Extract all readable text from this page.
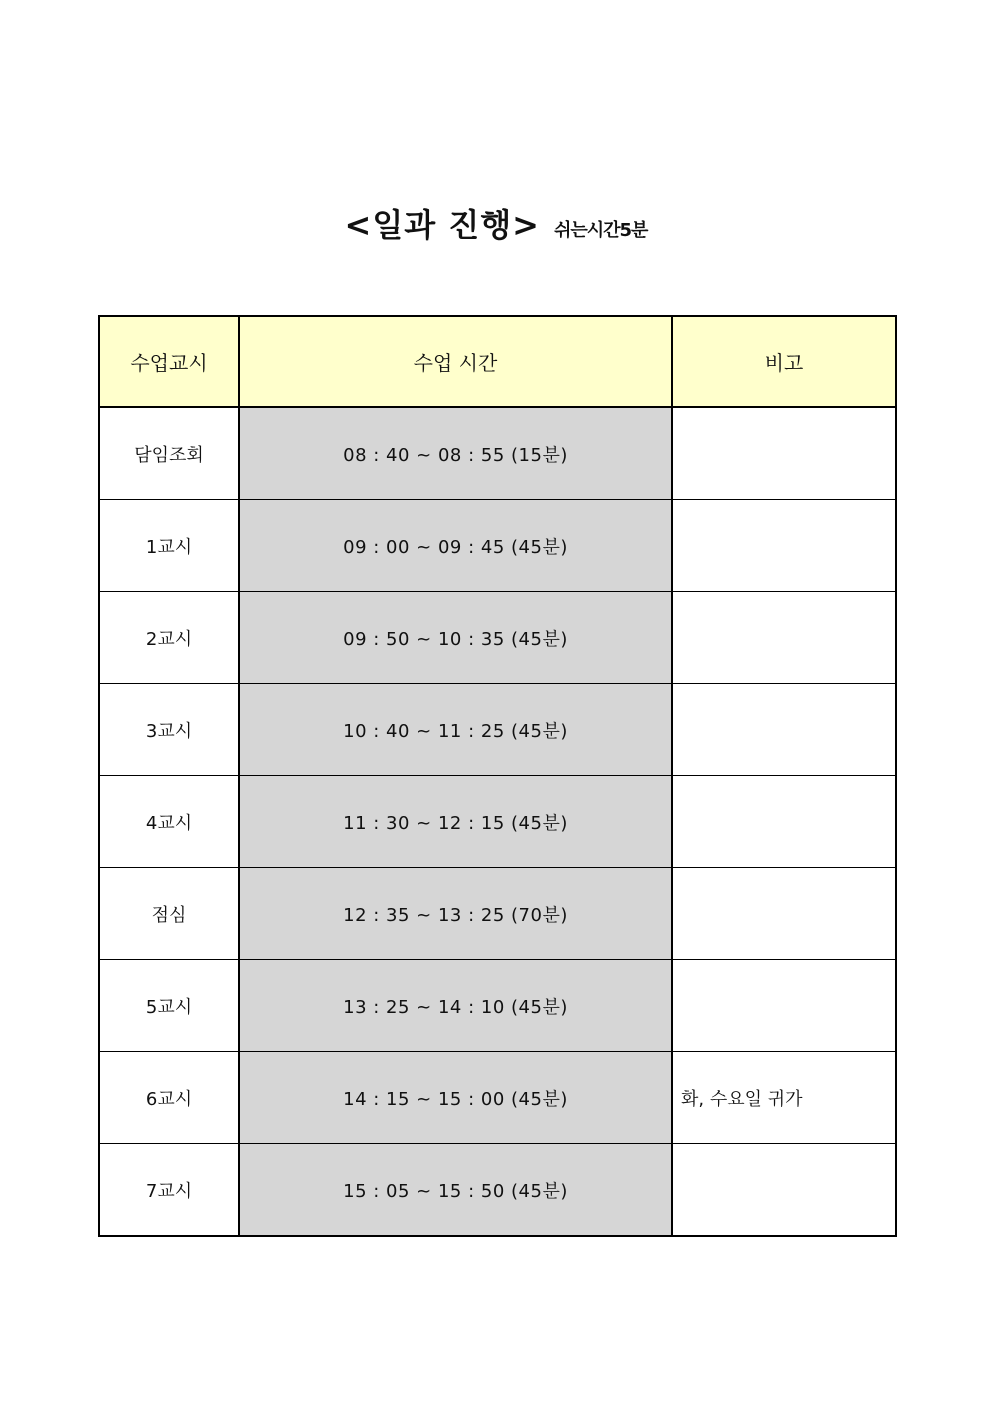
<일과 진행> 쉬는시간5분
수업교시	수업 시간	비고
담임조회	08 : 40 ~ 08 : 55 (15분)	
1교시	09 : 00 ~ 09 : 45 (45분)	
2교시	09 : 50 ~ 10 : 35 (45분)	
3교시	10 : 40 ~ 11 : 25 (45분)	
4교시	11 : 30 ~ 12 : 15 (45분)	
점심	12 : 35 ~ 13 : 25 (70분)	
5교시	13 : 25 ~ 14 : 10 (45분)	
6교시	14 : 15 ~ 15 : 00 (45분)	화, 수요일 귀가
7교시	15 : 05 ~ 15 : 50 (45분)	
